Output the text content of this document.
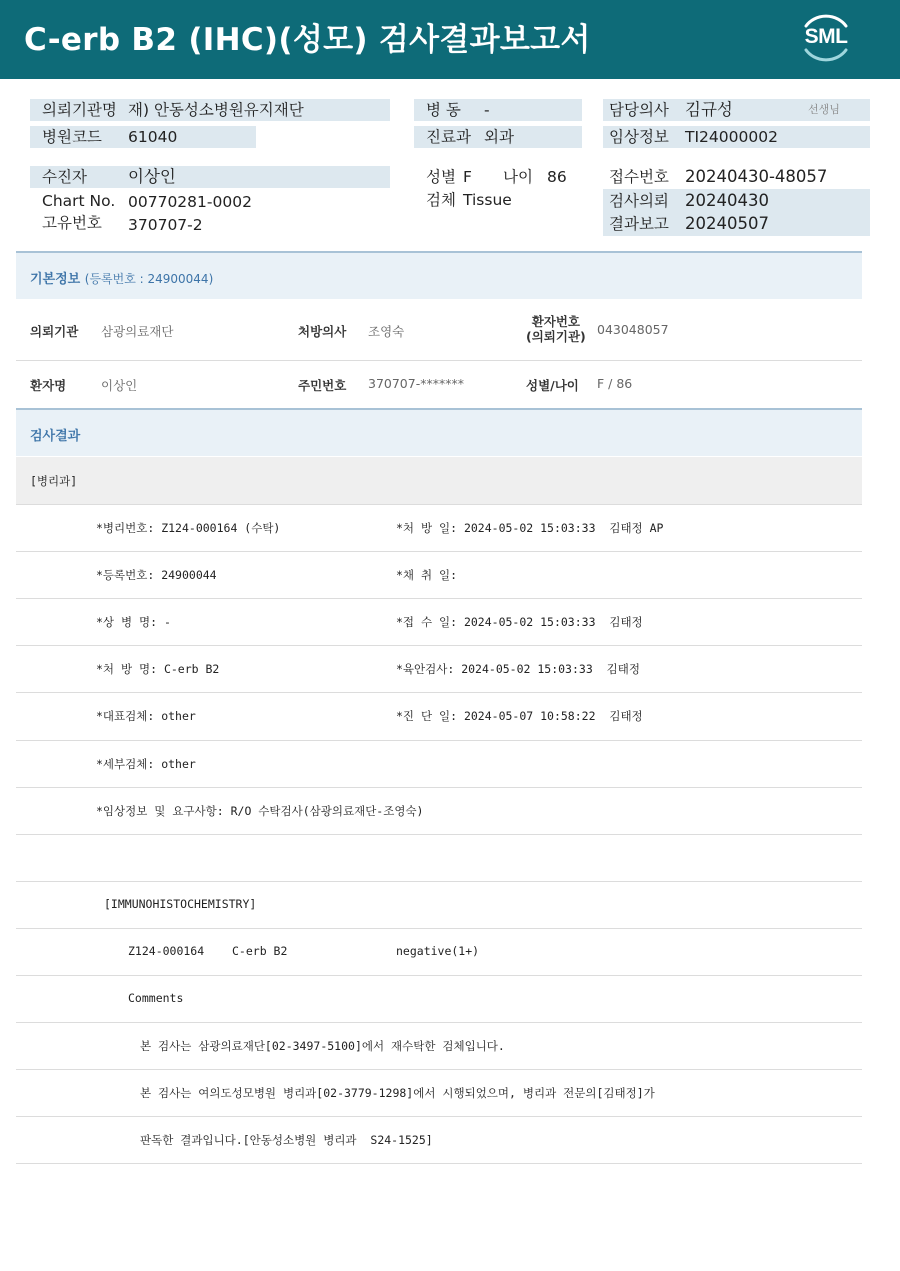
C-erb B2 (IHC)(성모) 검사결과보고서	SML
의뢰기관명 재) 안동성소병원유지재단
병원코드 61040
수진자 이상인
Chart No. 00770281-0002
고유번호 370707-2
병 동 -
진료과 외과
성별 F 나이 86
검체 Tissue
담당의사 김규성	선생님
임상정보 TI24000002
접수번호 20240430-48057
검사의뢰 20240430
결과보고 20240507
기본정보 (등록번호 : 24900044)
의뢰기관 삼광의료재단	처방의사 조영숙
환자번호
(의뢰기관) 043048057
환자명	이상인	주민번호 370707-*******	성별/나이 F / 86
검사결과
[병리과]
*병리번호: Z124-000164 (수탁)	*처 방 일: 2024-05-02 15:03:33  김태정 AP
*등록번호: 24900044	*채 취 일:
*상 병 명: -	*접 수 일: 2024-05-02 15:03:33  김태정
*처 방 명: C-erb B2	*육안검사: 2024-05-02 15:03:33  김태정
*대표검체: other	*진 단 일: 2024-05-07 10:58:22  김태정
*세부검체: other
*임상정보 및 요구사항: R/O 수탁검사(삼광의료재단-조영숙)
[IMMUNOHISTOCHEMISTRY]
Z124-000164 C-erb B2	negative(1+)
Comments
본 검사는 삼광의료재단[02-3497-5100]에서 재수탁한 검체입니다.
본 검사는 여의도성모병원 병리과[02-3779-1298]에서 시행되었으며, 병리과 전문의[김태정]가
판독한 결과입니다.[안동성소병원 병리과  S24-1525]
